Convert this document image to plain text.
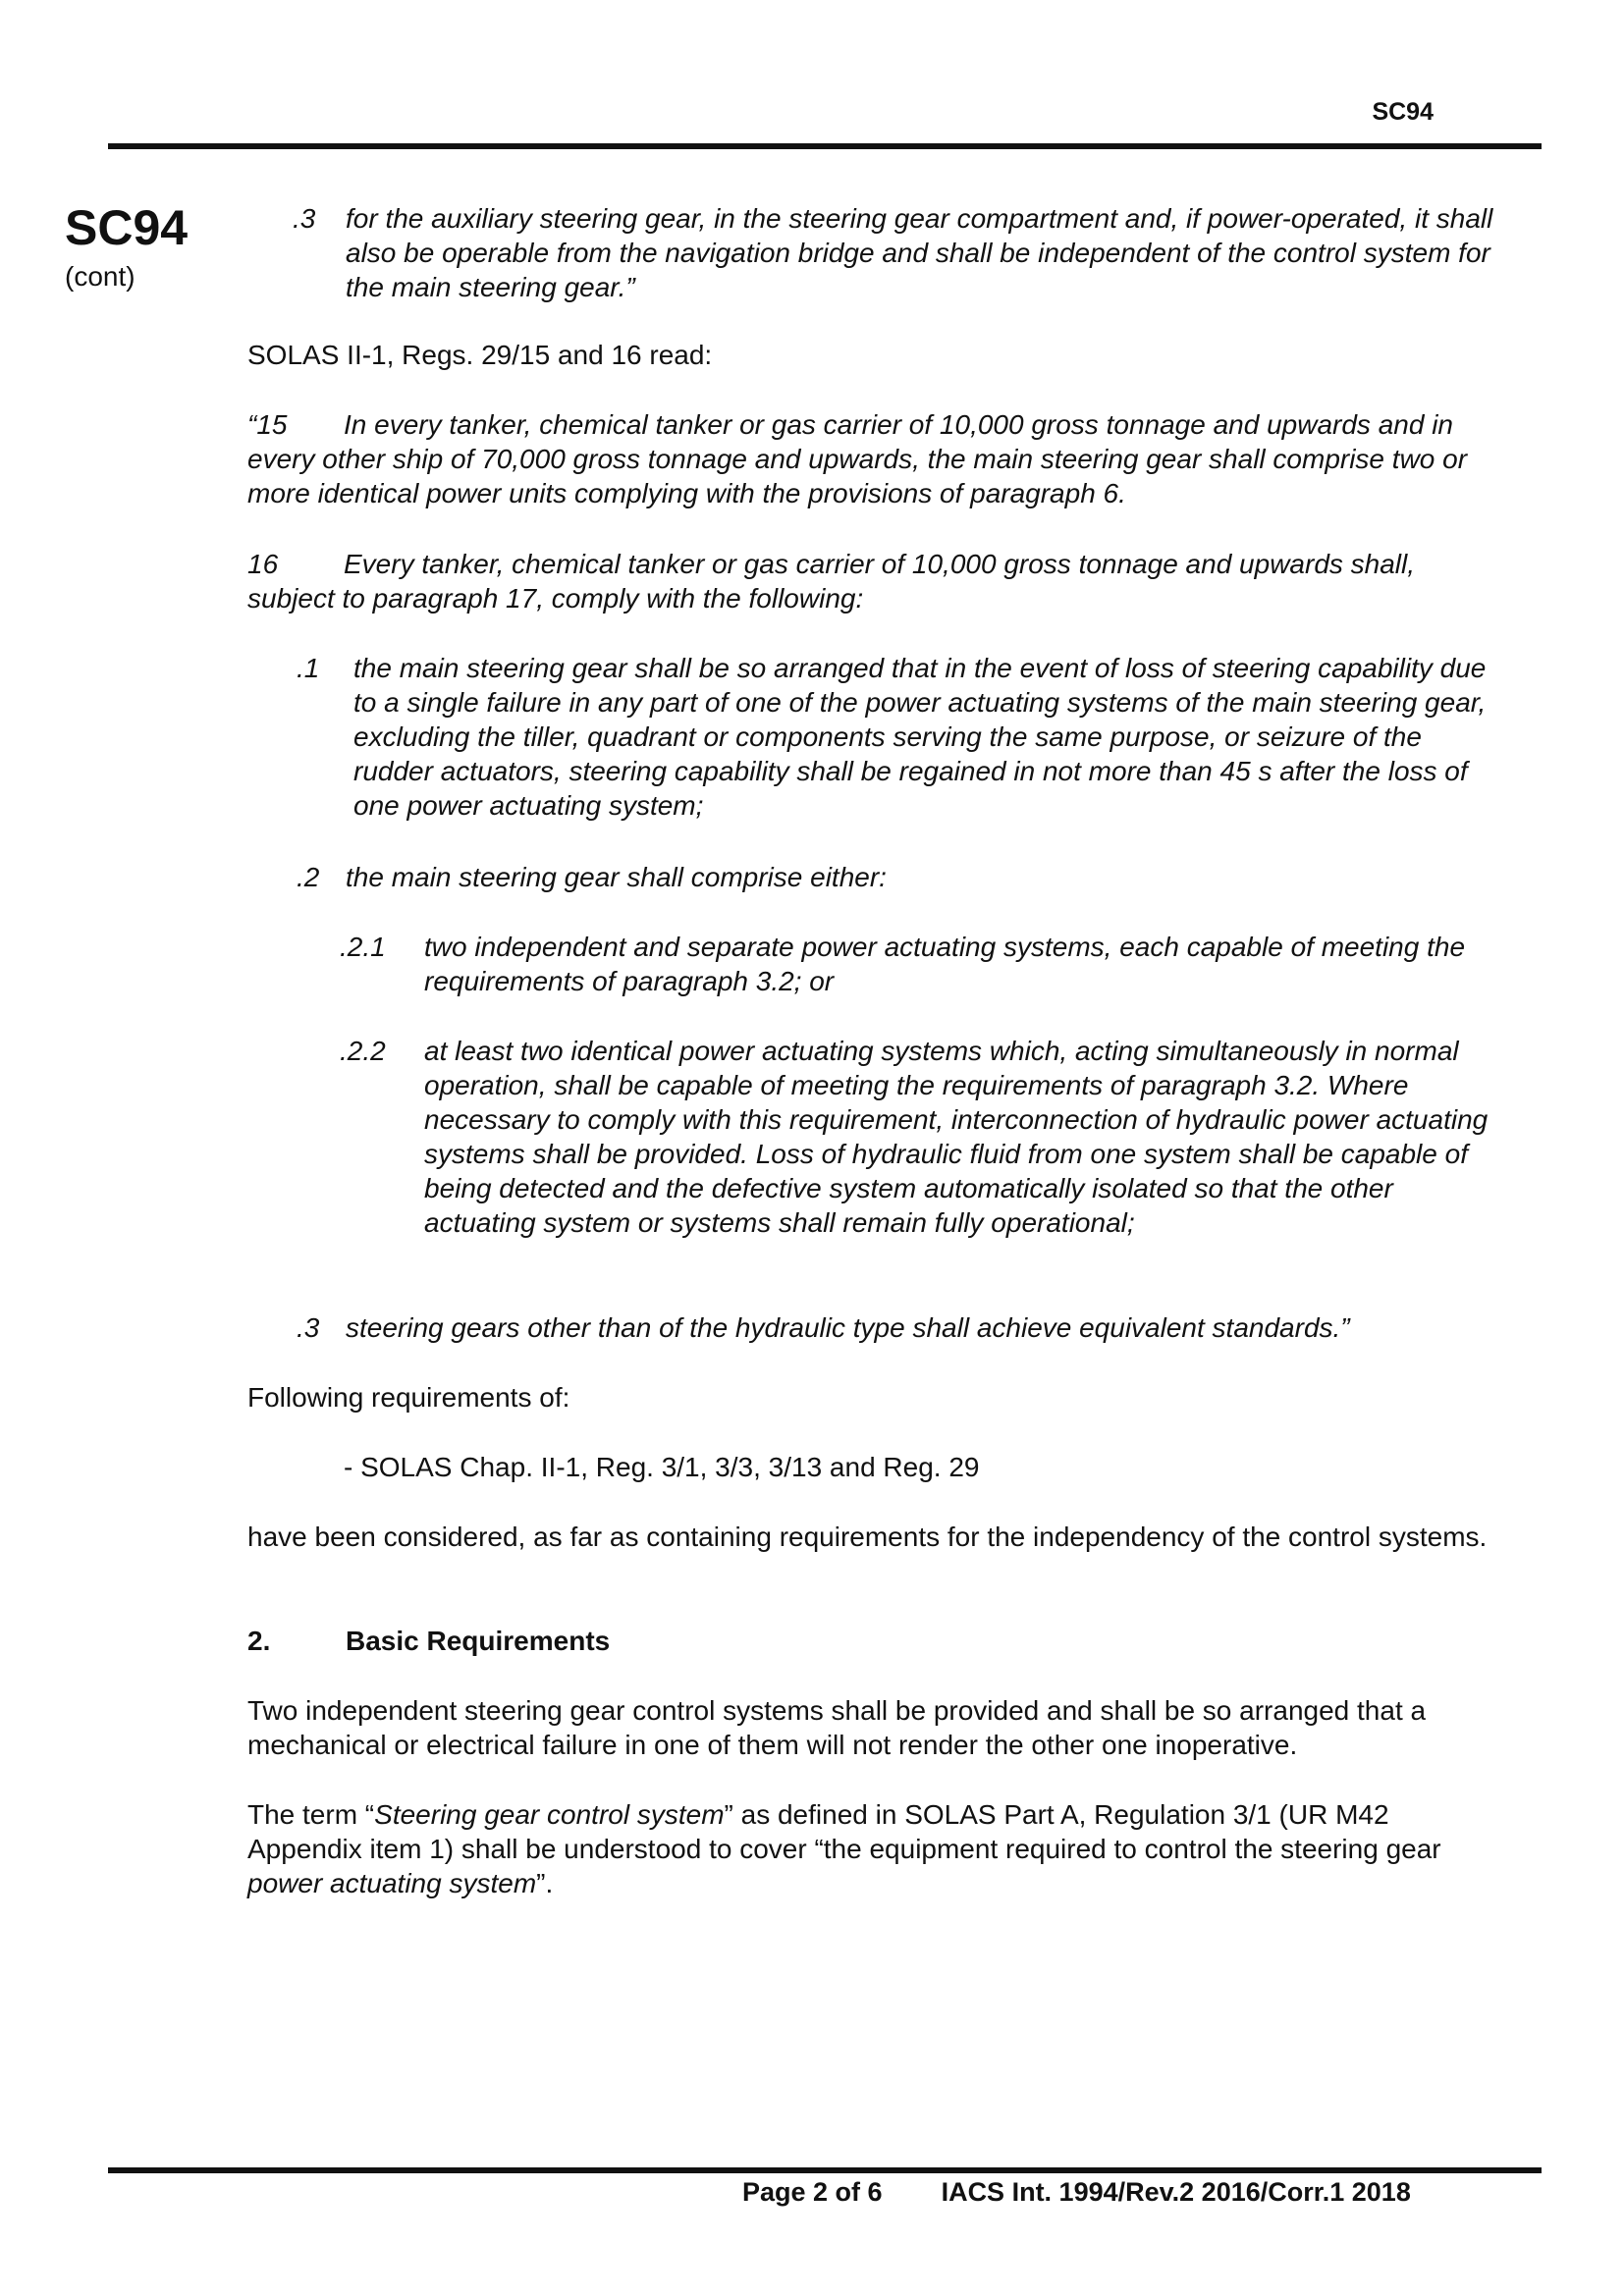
SC94
SC94
(cont)
.3 for the auxiliary steering gear, in the steering gear compartment and, if power-operated, it shall also be operable from the navigation bridge and shall be independent of the control system for the main steering gear.”
SOLAS II-1, Regs. 29/15 and 16 read:
“15 In every tanker, chemical tanker or gas carrier of 10,000 gross tonnage and upwards and in every other ship of 70,000 gross tonnage and upwards, the main steering gear shall comprise two or more identical power units complying with the provisions of paragraph 6.
16 Every tanker, chemical tanker or gas carrier of 10,000 gross tonnage and upwards shall, subject to paragraph 17, comply with the following:
.1 the main steering gear shall be so arranged that in the event of loss of steering capability due to a single failure in any part of one of the power actuating systems of the main steering gear, excluding the tiller, quadrant or components serving the same purpose, or seizure of the rudder actuators, steering capability shall be regained in not more than 45 s after the loss of one power actuating system;
.2 the main steering gear shall comprise either:
.2.1 two independent and separate power actuating systems, each capable of meeting the requirements of paragraph 3.2; or
.2.2 at least two identical power actuating systems which, acting simultaneously in normal operation, shall be capable of meeting the requirements of paragraph 3.2. Where necessary to comply with this requirement, interconnection of hydraulic power actuating systems shall be provided. Loss of hydraulic fluid from one system shall be capable of being detected and the defective system automatically isolated so that the other actuating system or systems shall remain fully operational;
.3 steering gears other than of the hydraulic type shall achieve equivalent standards.”
Following requirements of:
- SOLAS Chap. II-1, Reg. 3/1, 3/3, 3/13 and Reg. 29
have been considered, as far as containing requirements for the independency of the control systems.
2.	Basic Requirements
Two independent steering gear control systems shall be provided and shall be so arranged that a mechanical or electrical failure in one of them will not render the other one inoperative.
The term “Steering gear control system” as defined in SOLAS Part A, Regulation 3/1 (UR M42 Appendix item 1) shall be understood to cover “the equipment required to control the steering gear power actuating system”.
Page 2 of 6 IACS Int. 1994/Rev.2 2016/Corr.1 2018
